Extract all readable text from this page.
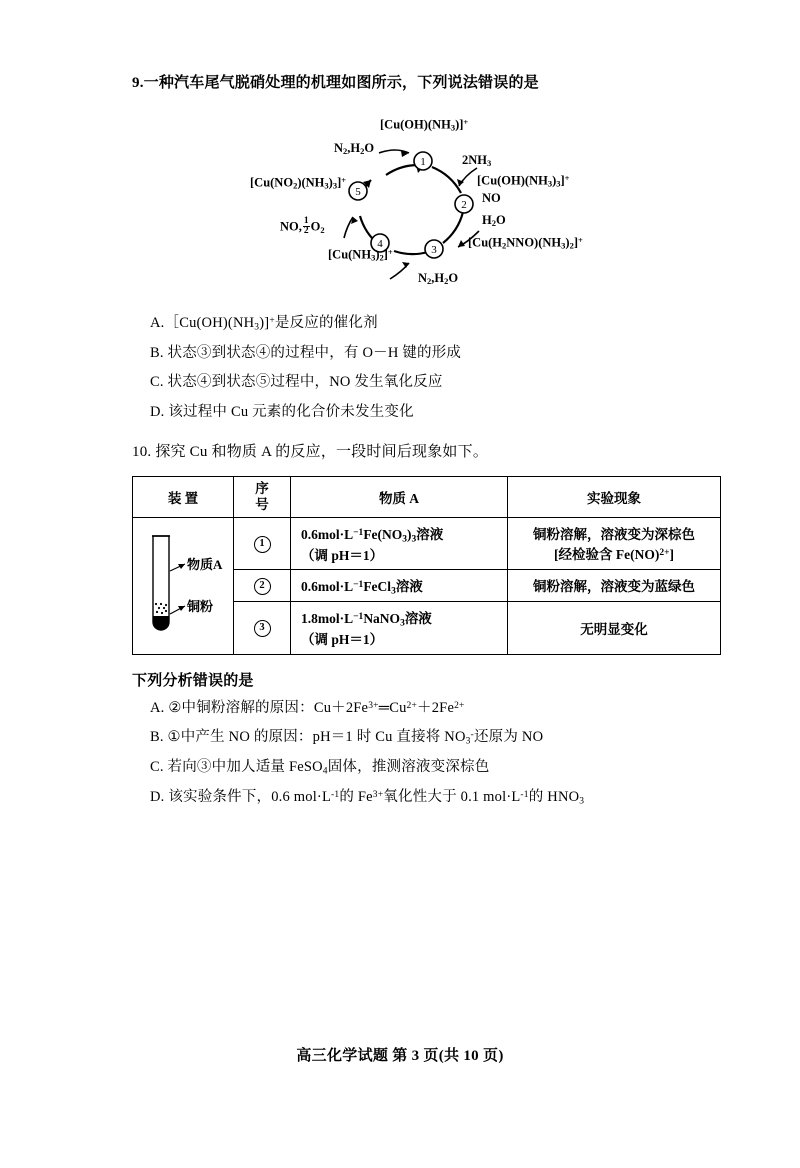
9.一种汽车尾气脱硝处理的机理如图所示，下列说法错误的是
1
2
3
4
5
$[Cu(OH)(NH_3)]^+$
$N_2,H_2O$
$2NH_3$
$[Cu(OH)(NH_3)_3]^+$
NO
$H_2O$
$[Cu(H_2NNO)(NH_3)_2]^+$
$N_2,H_2O$
$[Cu(NH_3)_2]^+$
NO, $\frac{1}{2} O_2$
$[Cu(NO_2)(NH_3)_3]^+$
$A.[Cu(OH)(NH_3)]^+$是反应的催化剂
B. 状态③到状态④的过程中，有 O－H 键的形成
C. 状态④到状态⑤过程中，NO 发生氧化反应
D. 该过程中 Cu 元素的化合价未发生变化
10. 探究 Cu 和物质 A 的反应，一段时间后现象如下。
装 置	序
号	物质 A	实验现象

物质A
铜粉
	1	$0.6mol\cdot L^{-1}Fe(NO_3)_3$溶液
（调 pH＝1）	铜粉溶解，溶液变为深棕色
[经检验含 Fe(NO)$^{2+}$]
	2	$0.6mol\cdot L^{-1}FeCl_3$溶液	铜粉溶解，溶液变为蓝绿色
	3	$1.8mol\cdot L^{-1}NaNO_3$溶液
（调 pH＝1）	无明显变化
下列分析错误的是
A. ②中铜粉溶解的原因：$Cu+2Fe^{3+}═Cu^{2+}+2Fe^{2+}$
B. ①中产生 NO 的原因：pH＝1 时 Cu 直接将 $NO_3^-$还原为 NO
C. 若向③中加人适量 FeSO$_4$固体，推测溶液变深棕色
D. 该实验条件下，0.6 $mol\cdot L^{-1}$的 $Fe^{3+}$氧化性大于 0.1 $mol\cdot L^{-1}$的 $HNO_3$
高三化学试题 第 3 页(共 10 页)
